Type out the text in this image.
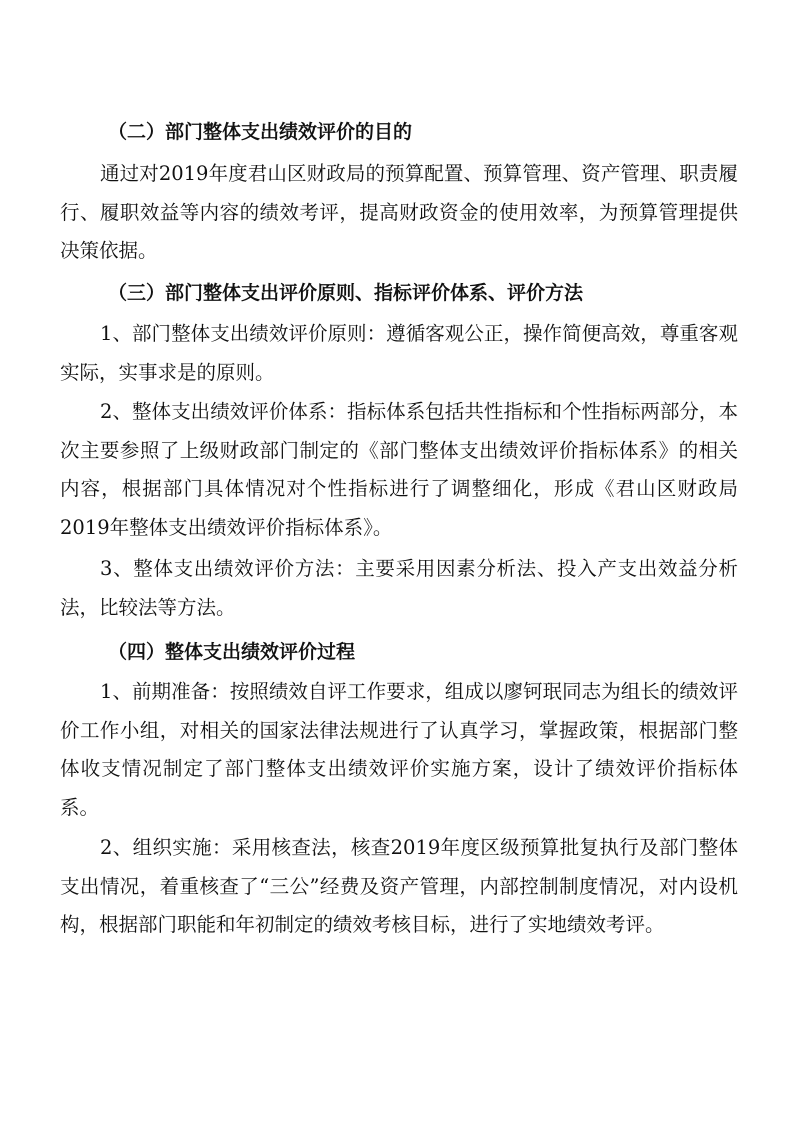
（二）部门整体支出绩效评价的目的

通过对2019年度君山区财政局的预算配置、预算管理、资产管理、职责履行、履职效益等内容的绩效考评，提高财政资金的使用效率，为预算管理提供决策依据。

（三）部门整体支出评价原则、指标评价体系、评价方法

1、部门整体支出绩效评价原则：遵循客观公正，操作简便高效，尊重客观实际，实事求是的原则。

2、整体支出绩效评价体系：指标体系包括共性指标和个性指标两部分，本次主要参照了上级财政部门制定的《部门整体支出绩效评价指标体系》的相关内容，根据部门具体情况对个性指标进行了调整细化，形成《君山区财政局2019年整体支出绩效评价指标体系》。

3、整体支出绩效评价方法：主要采用因素分析法、投入产支出效益分析法，比较法等方法。

（四）整体支出绩效评价过程

1、前期准备：按照绩效自评工作要求，组成以廖钶珉同志为组长的绩效评价工作小组，对相关的国家法律法规进行了认真学习，掌握政策，根据部门整体收支情况制定了部门整体支出绩效评价实施方案，设计了绩效评价指标体系。

2、组织实施：采用核查法，核查2019年度区级预算批复执行及部门整体支出情况，着重核查了“三公”经费及资产管理，内部控制制度情况，对内设机构，根据部门职能和年初制定的绩效考核目标，进行了实地绩效考评。
